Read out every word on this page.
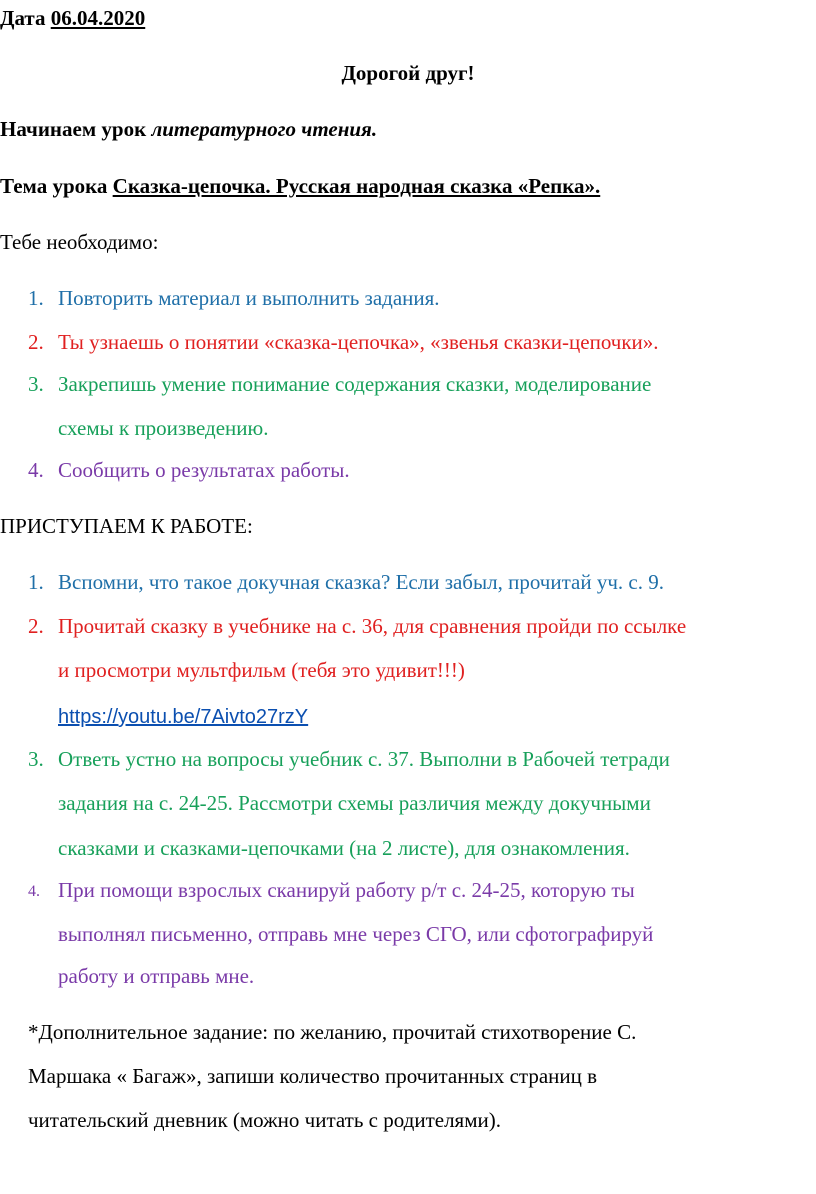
Дата 06.04.2020
Дорогой друг!
Начинаем урок литературного чтения.
Тема урока Сказка-цепочка. Русская народная сказка «Репка».
Тебе необходимо:
1. Повторить материал и выполнить задания.
2. Ты узнаешь о понятии «сказка-цепочка», «звенья сказки-цепочки».
3. Закрепишь умение понимание содержания сказки, моделирование
схемы к произведению.
4. Сообщить о результатах работы.
ПРИСТУПАЕМ К РАБОТЕ:
1. Вспомни, что такое докучная сказка? Если забыл, прочитай уч. с. 9.
2. Прочитай сказку в учебнике на с. 36, для сравнения пройди по ссылке
и просмотри мультфильм (тебя это удивит!!!)
https://youtu.be/7Aivto27rzY
3. Ответь устно на вопросы учебник с. 37. Выполни в Рабочей тетради
задания на с. 24-25. Рассмотри схемы различия между докучными
сказками и сказками-цепочками (на 2 листе), для ознакомления.
4. При помощи взрослых сканируй работу р/т с. 24-25, которую ты
выполнял письменно, отправь мне через СГО, или сфотографируй
работу и отправь мне.
*Дополнительное задание: по желанию, прочитай стихотворение С.
Маршака « Багаж», запиши количество прочитанных страниц в
читательский дневник (можно читать с родителями).
